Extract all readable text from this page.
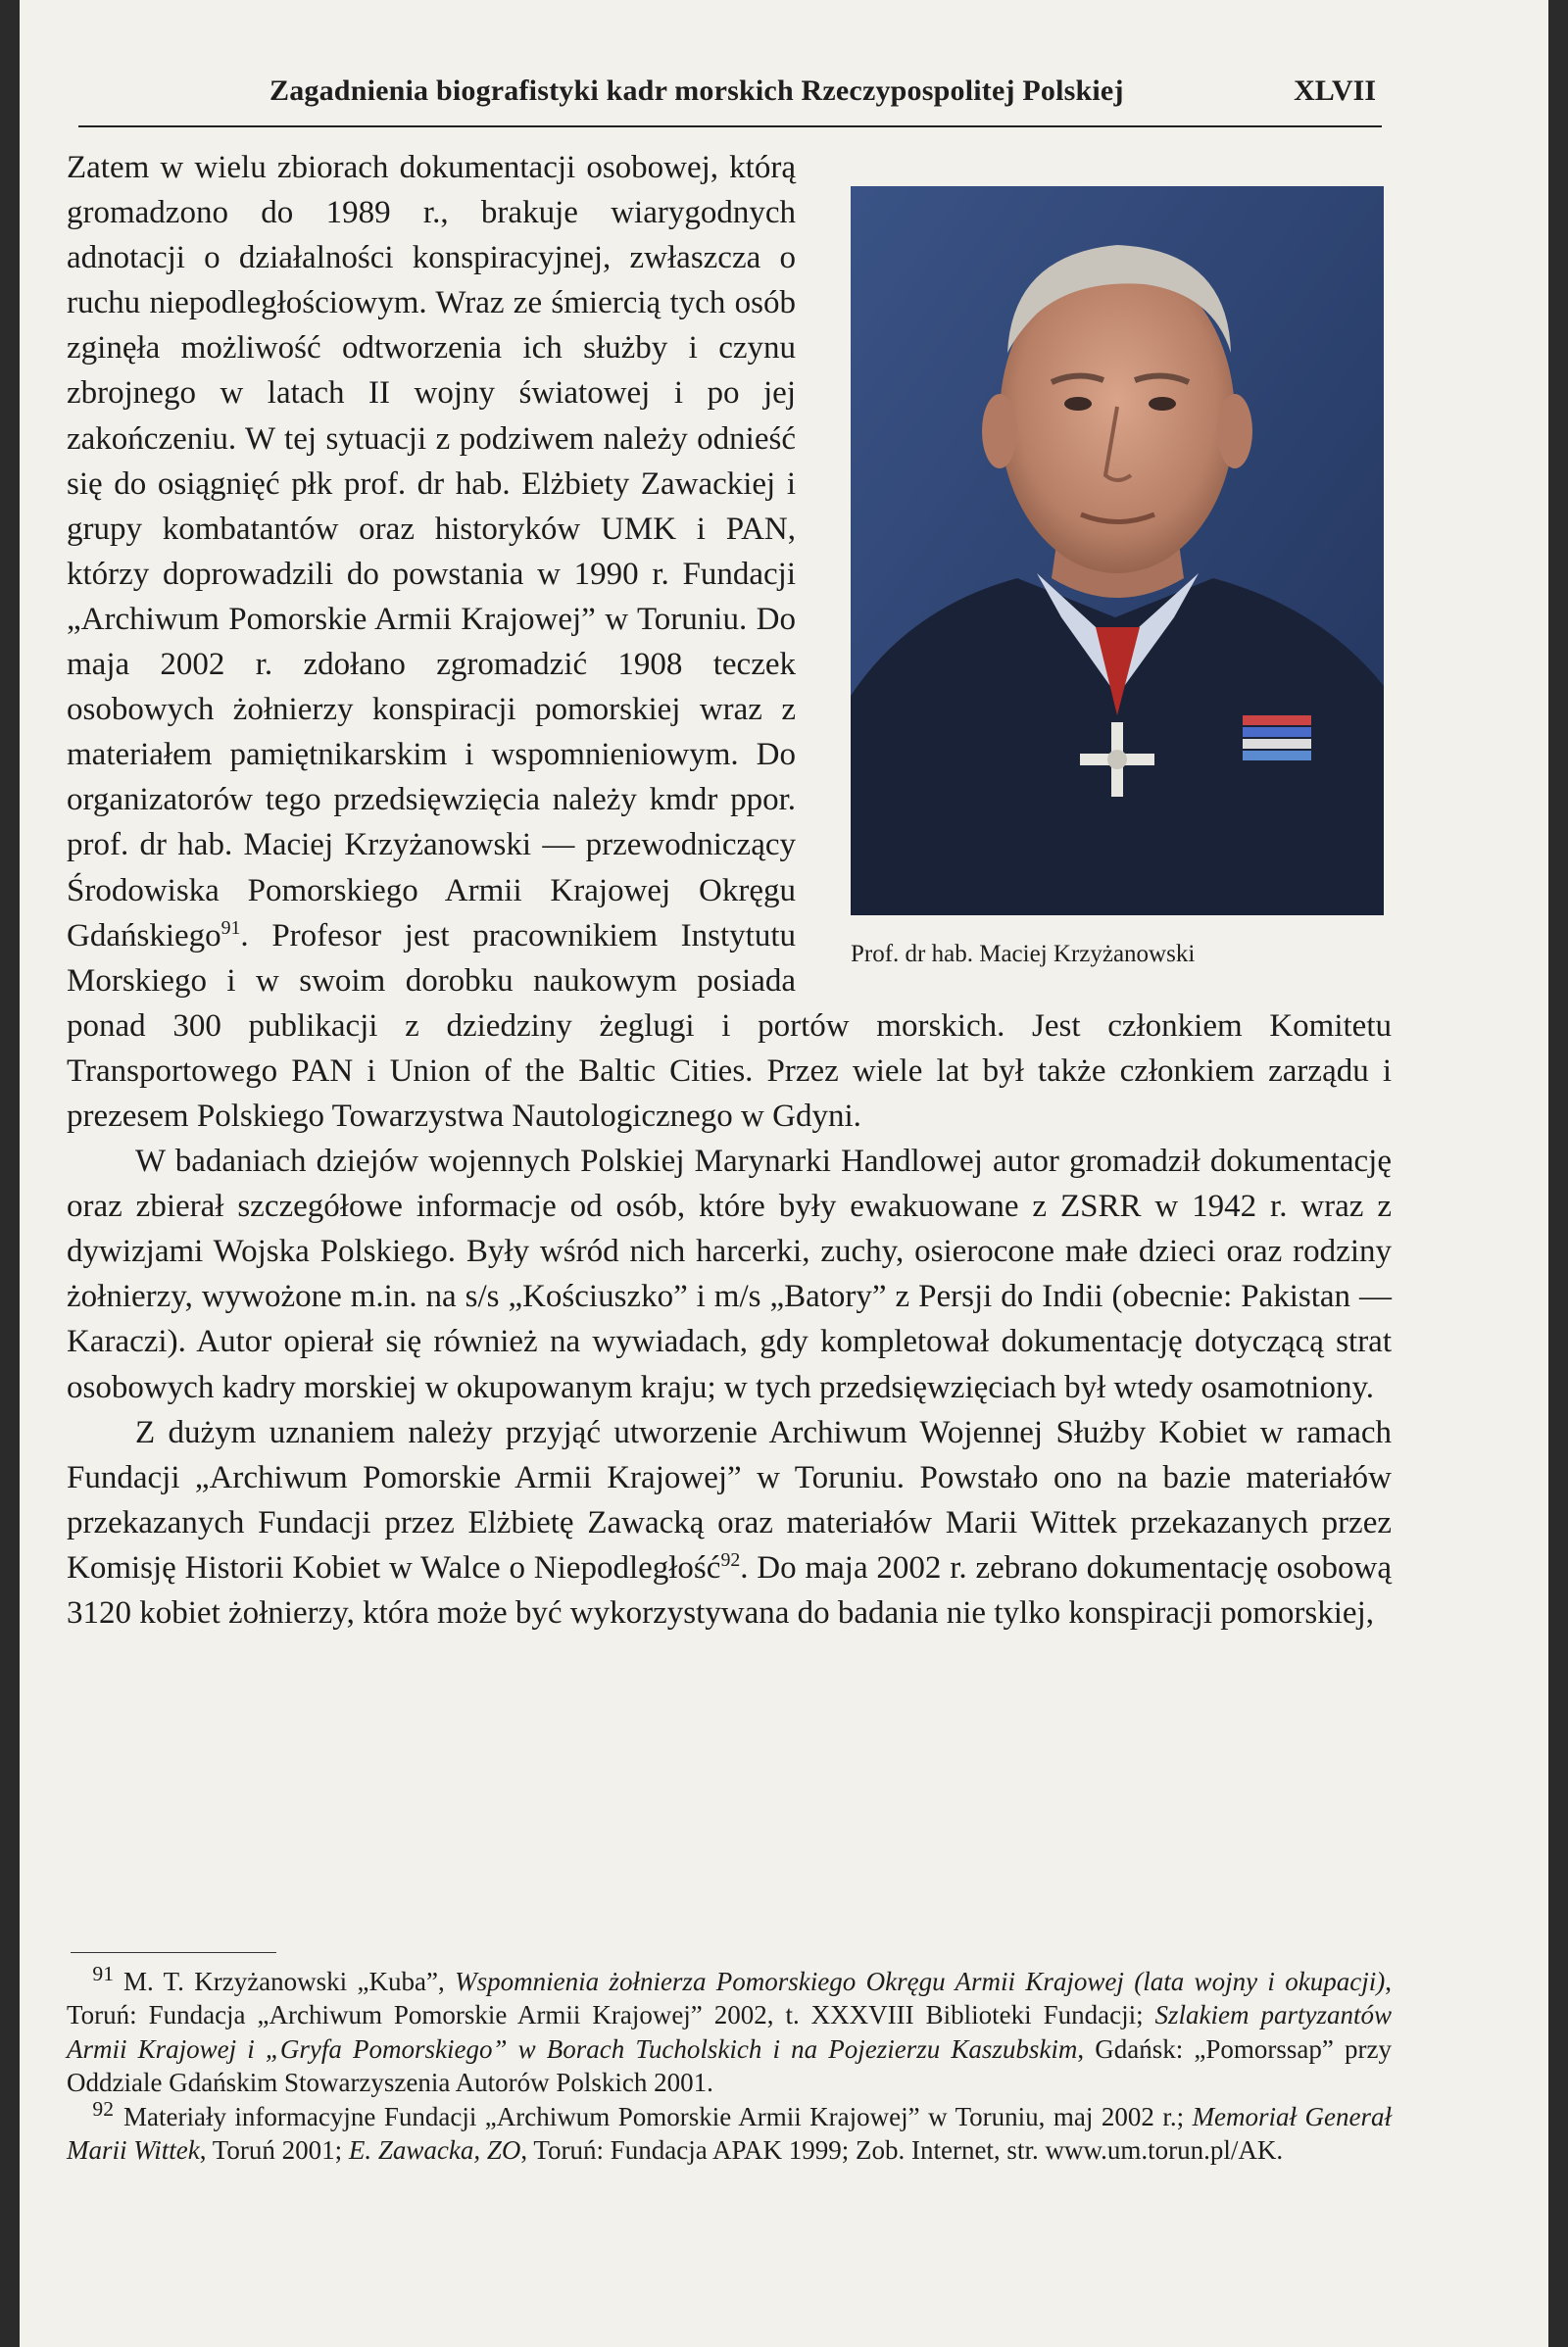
Zagadnienia biografistyki kadr morskich Rzeczypospolitej Polskiej	XLVII

Prof. dr hab. Maciej Krzyżanowski

Zatem w wielu zbiorach dokumentacji osobowej, którą gromadzono do 1989 r., brakuje wiarygodnych adnotacji o działalności konspiracyjnej, zwłaszcza o ruchu niepodległościowym. Wraz ze śmiercią tych osób zginęła możliwość odtworzenia ich służby i czynu zbrojnego w latach II wojny światowej i po jej zakończeniu. W tej sytuacji z podziwem należy odnieść się do osiągnięć płk prof. dr hab. Elżbiety Zawackiej i grupy kombatantów oraz historyków UMK i PAN, którzy doprowadzili do powstania w 1990 r. Fundacji „Archiwum Pomorskie Armii Krajowej” w Toruniu. Do maja 2002 r. zdołano zgromadzić 1908 teczek osobowych żołnierzy konspiracji pomorskiej wraz z materiałem pamiętnikarskim i wspomnieniowym. Do organizatorów tego przedsięwzięcia należy kmdr ppor. prof. dr hab. Maciej Krzyżanowski — przewodniczący Środowiska Pomorskiego Armii Krajowej Okręgu Gdańskiego$^{91}$. Profesor jest pracownikiem Instytutu Morskiego i w swoim dorobku naukowym posiada ponad 300 publikacji z dziedziny żeglugi i portów morskich. Jest członkiem Komitetu Transportowego PAN i Union of the Baltic Cities. Przez wiele lat był także członkiem zarządu i prezesem Polskiego Towarzystwa Nautologicznego w Gdyni.

W badaniach dziejów wojennych Polskiej Marynarki Handlowej autor gromadził dokumentację oraz zbierał szczegółowe informacje od osób, które były ewakuowane z ZSRR w 1942 r. wraz z dywizjami Wojska Polskiego. Były wśród nich harcerki, zuchy, osierocone małe dzieci oraz rodziny żołnierzy, wywożone m.in. na s/s „Kościuszko” i m/s „Batory” z Persji do Indii (obecnie: Pakistan — Karaczi). Autor opierał się również na wywiadach, gdy kompletował dokumentację dotyczącą strat osobowych kadry morskiej w okupowanym kraju; w tych przedsięwzięciach był wtedy osamotniony.

Z dużym uznaniem należy przyjąć utworzenie Archiwum Wojennej Służby Kobiet w ramach Fundacji „Archiwum Pomorskie Armii Krajowej” w Toruniu. Powstało ono na bazie materiałów przekazanych Fundacji przez Elżbietę Zawacką oraz materiałów Marii Wittek przekazanych przez Komisję Historii Kobiet w Walce o Niepodległość$^{92}$. Do maja 2002 r. zebrano dokumentację osobową 3120 kobiet żołnierzy, która może być wykorzystywana do badania nie tylko konspiracji pomorskiej,

$^{91}$ M. T. Krzyżanowski „Kuba”, Wspomnienia żołnierza Pomorskiego Okręgu Armii Krajowej (lata wojny i okupacji), Toruń: Fundacja „Archiwum Pomorskie Armii Krajowej” 2002, t. XXXVIII Biblioteki Fundacji; Szlakiem partyzantów Armii Krajowej i „Gryfa Pomorskiego” w Borach Tucholskich i na Pojezierzu Kaszubskim, Gdańsk: „Pomorssap” przy Oddziale Gdańskim Stowarzyszenia Autorów Polskich 2001.

$^{92}$ Materiały informacyjne Fundacji „Archiwum Pomorskie Armii Krajowej” w Toruniu, maj 2002 r.; Memoriał Generał Marii Wittek, Toruń 2001; E. Zawacka, ZO, Toruń: Fundacja APAK 1999; Zob. Internet, str. www.um.torun.pl/AK.
